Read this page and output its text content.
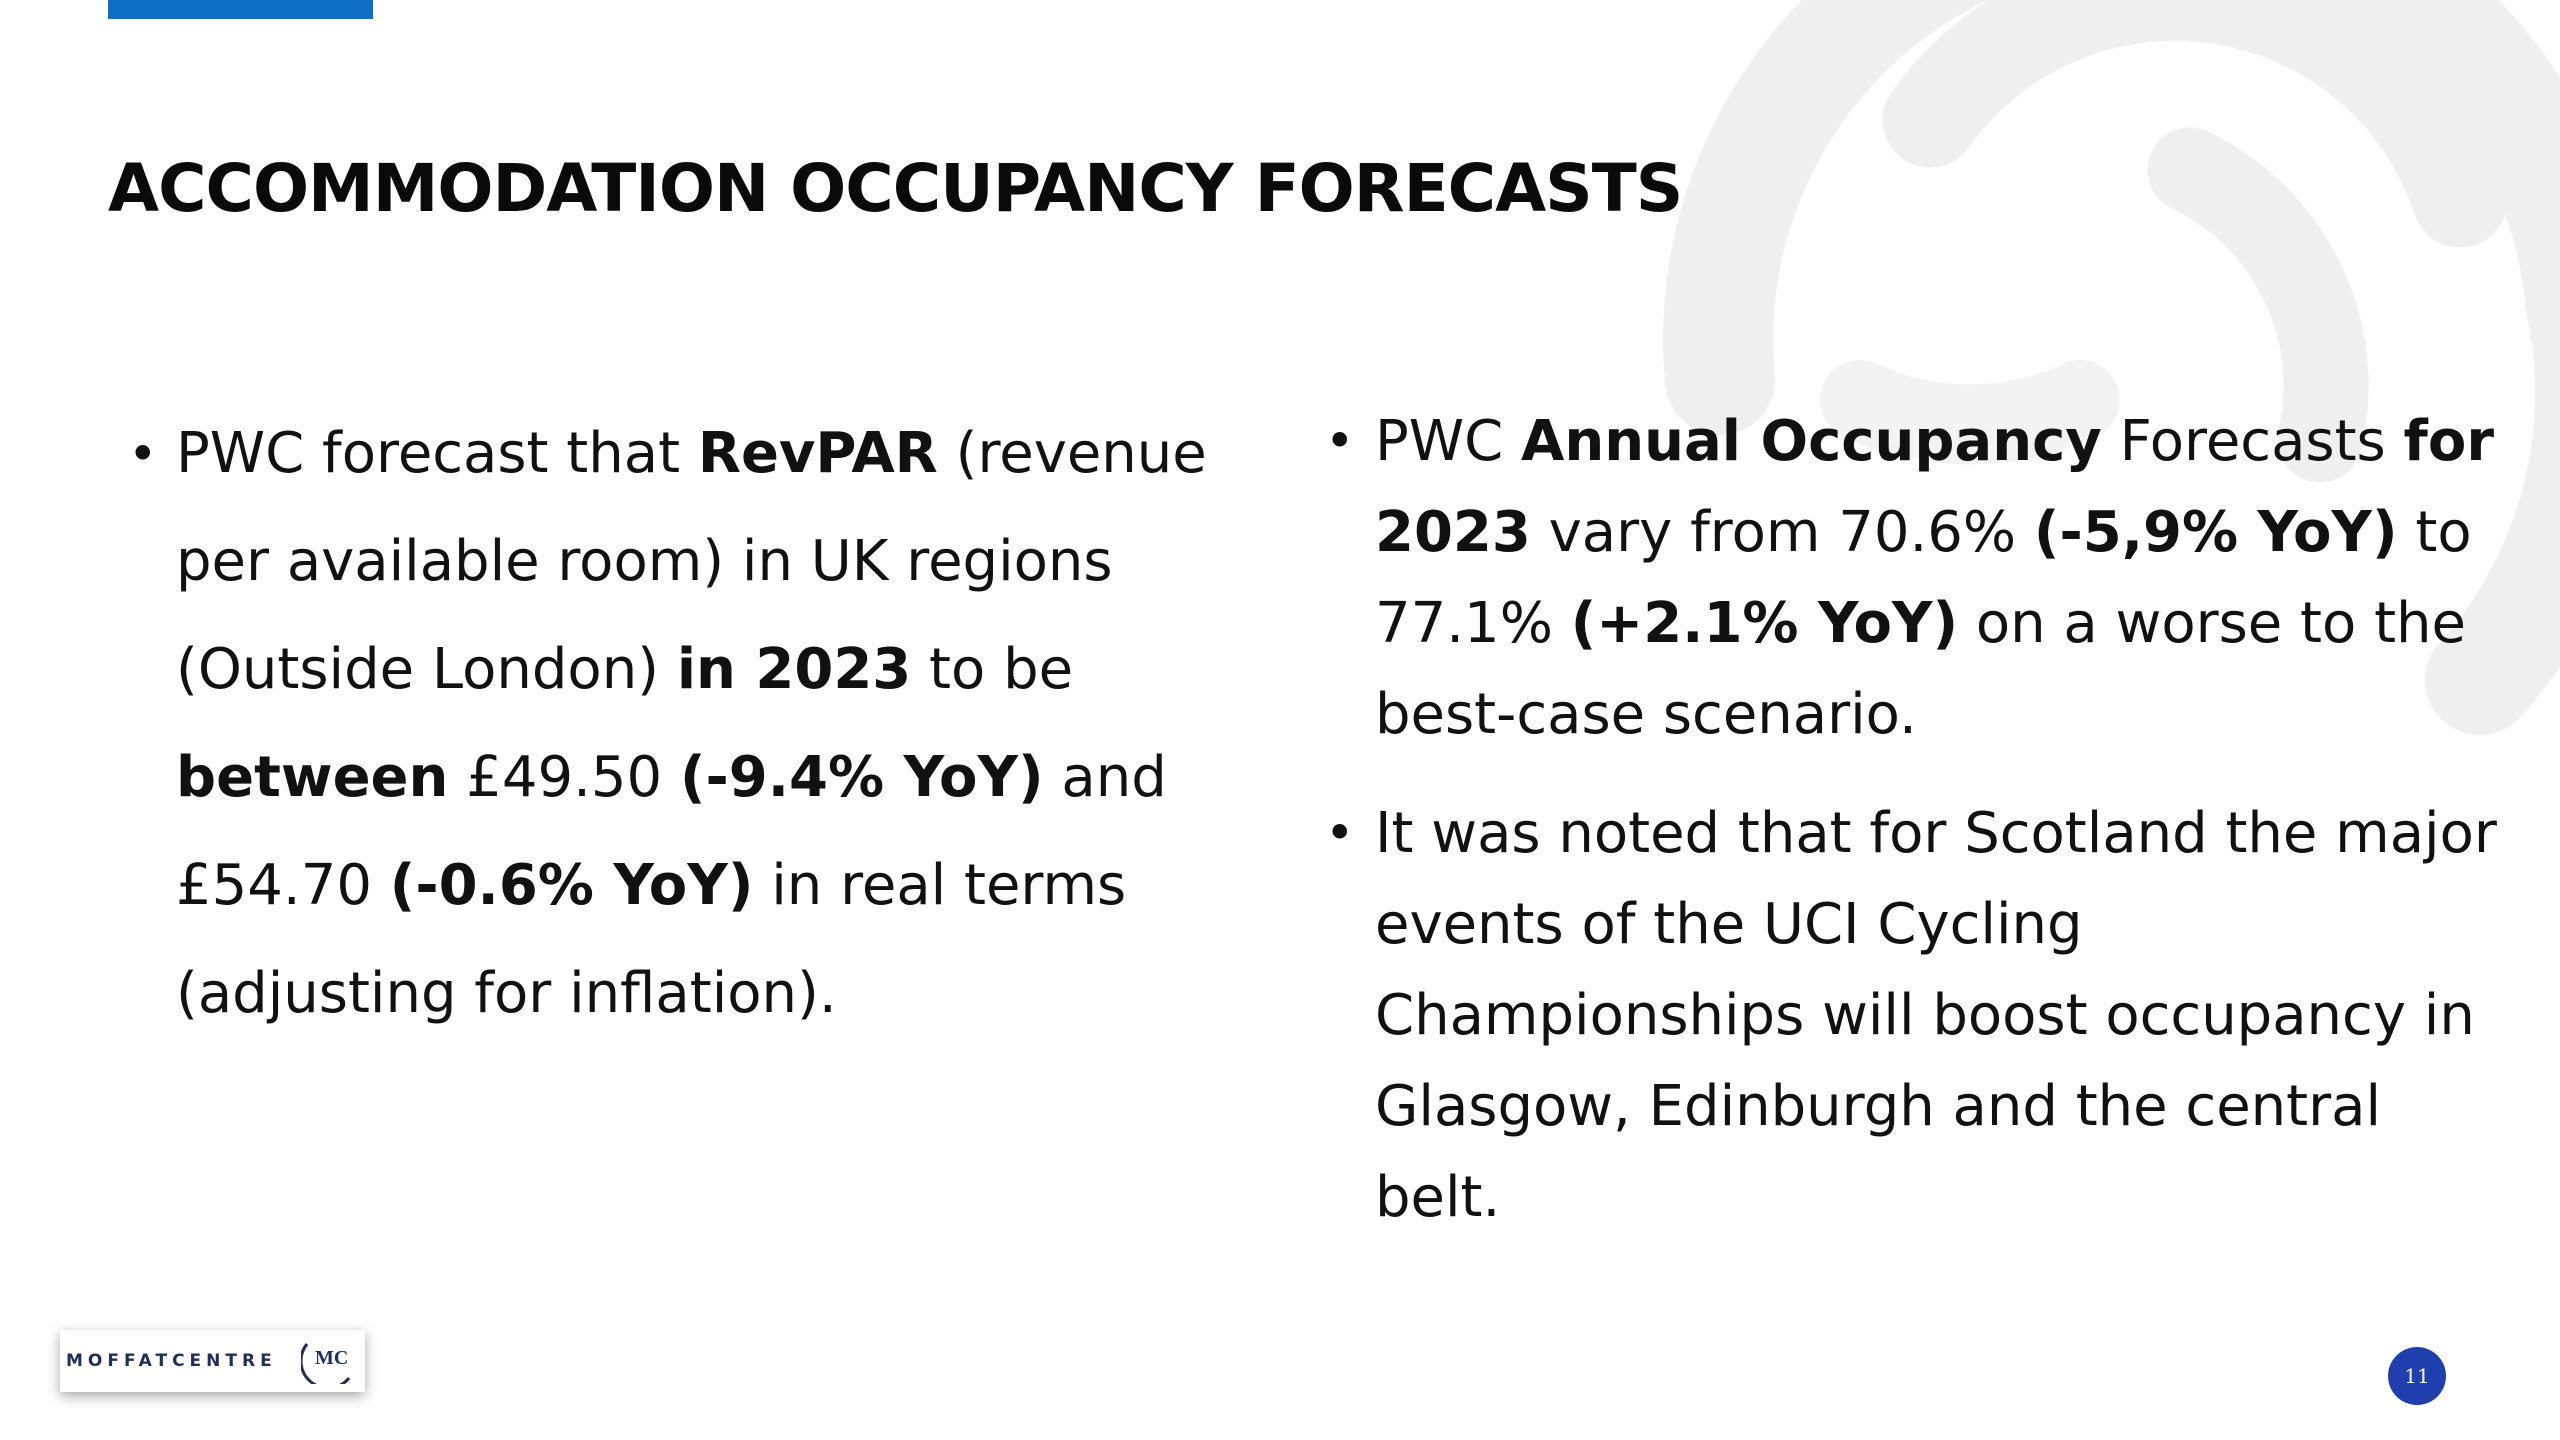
ACCOMMODATION OCCUPANCY FORECASTS
• PWC forecast that RevPAR (revenue per available room) in UK regions (Outside London) in 2023 to be between £49.50 (-9.4% YoY) and £54.70 (-0.6% YoY) in real terms (adjusting for inflation).
• PWC Annual Occupancy Forecasts for 2023 vary from 70.6% (-5,9% YoY) to 77.1% (+2.1% YoY) on a worse to the best-case scenario.
• It was noted that for Scotland the major events of the UCI Cycling Championships will boost occupancy in Glasgow, Edinburgh and the central belt.
MOFFATCENTRE MC
11
